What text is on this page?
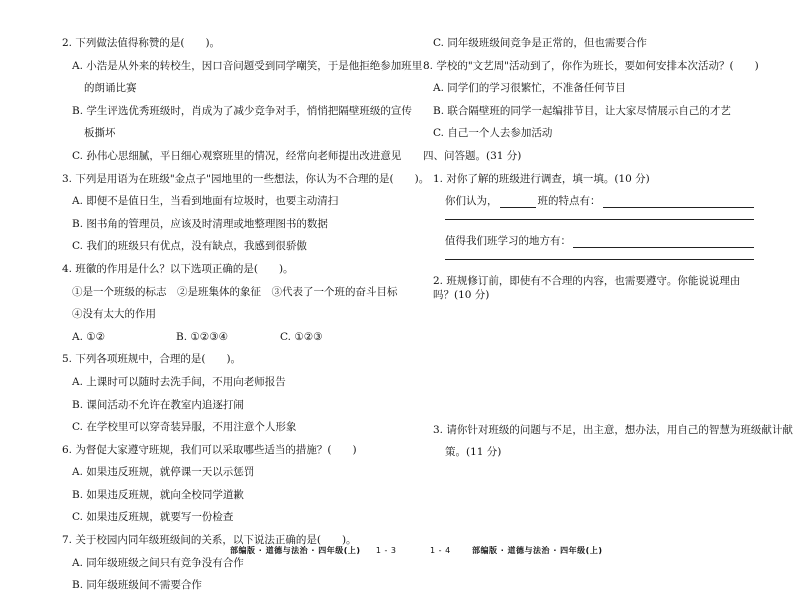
2. 下列做法值得称赞的是(　　)。
A. 小浩是从外来的转校生，因口音问题受到同学嘲笑，于是他拒绝参加班里
的朗诵比赛
B. 学生评选优秀班级时，肖成为了减少竞争对手，悄悄把隔壁班级的宣传
板撕坏
C. 孙伟心思细腻，平日细心观察班里的情况，经常向老师提出改进意见
3. 下列是用语为在班级"金点子"园地里的一些想法，你认为不合理的是(　　)。
A. 即便不是值日生，当看到地面有垃圾时，也要主动清扫
B. 图书角的管理员，应该及时清理或地整理图书的数据
C. 我们的班级只有优点，没有缺点，我感到很骄傲
4. 班徽的作用是什么？以下选项正确的是(　　)。
①是一个班级的标志　②是班集体的象征　③代表了一个班的奋斗目标
④没有太大的作用
A. ①②	B. ①②③④	C. ①②③
5. 下列各项班规中，合理的是(　　)。
A. 上课时可以随时去洗手间，不用向老师报告
B. 课间活动不允许在教室内追逐打闹
C. 在学校里可以穿奇装异服，不用注意个人形象
6. 为督促大家遵守班规，我们可以采取哪些适当的措施？(　　)
A. 如果违反班规，就停课一天以示惩罚
B. 如果违反班规，就向全校同学道歉
C. 如果违反班规，就要写一份检查
7. 关于校园内同年级班级间的关系，以下说法正确的是(　　)。
A. 同年级班级之间只有竞争没有合作
B. 同年级班级间不需要合作
部编版 · 道德与法治 · 四年级(上) 1 - 3
C. 同年级班级间竞争是正常的，但也需要合作
8. 学校的"文艺周"活动到了，你作为班长，要如何安排本次活动？(　　)
A. 同学们的学习很繁忙，不准备任何节目
B. 联合隔壁班的同学一起编排节目，让大家尽情展示自己的才艺
C. 自己一个人去参加活动
四、问答题。(31 分)
1. 对你了解的班级进行调查，填一填。(10 分)
你们认为，	班的特点有：
值得我们班学习的地方有：
2. 班规修订前，即使有不合理的内容，也需要遵守。你能说说理由吗？(10 分)
3. 请你针对班级的问题与不足，出主意，想办法，用自己的智慧为班级献计献
策。(11 分)
1 - 4	部编版 · 道德与法治 · 四年级(上)
